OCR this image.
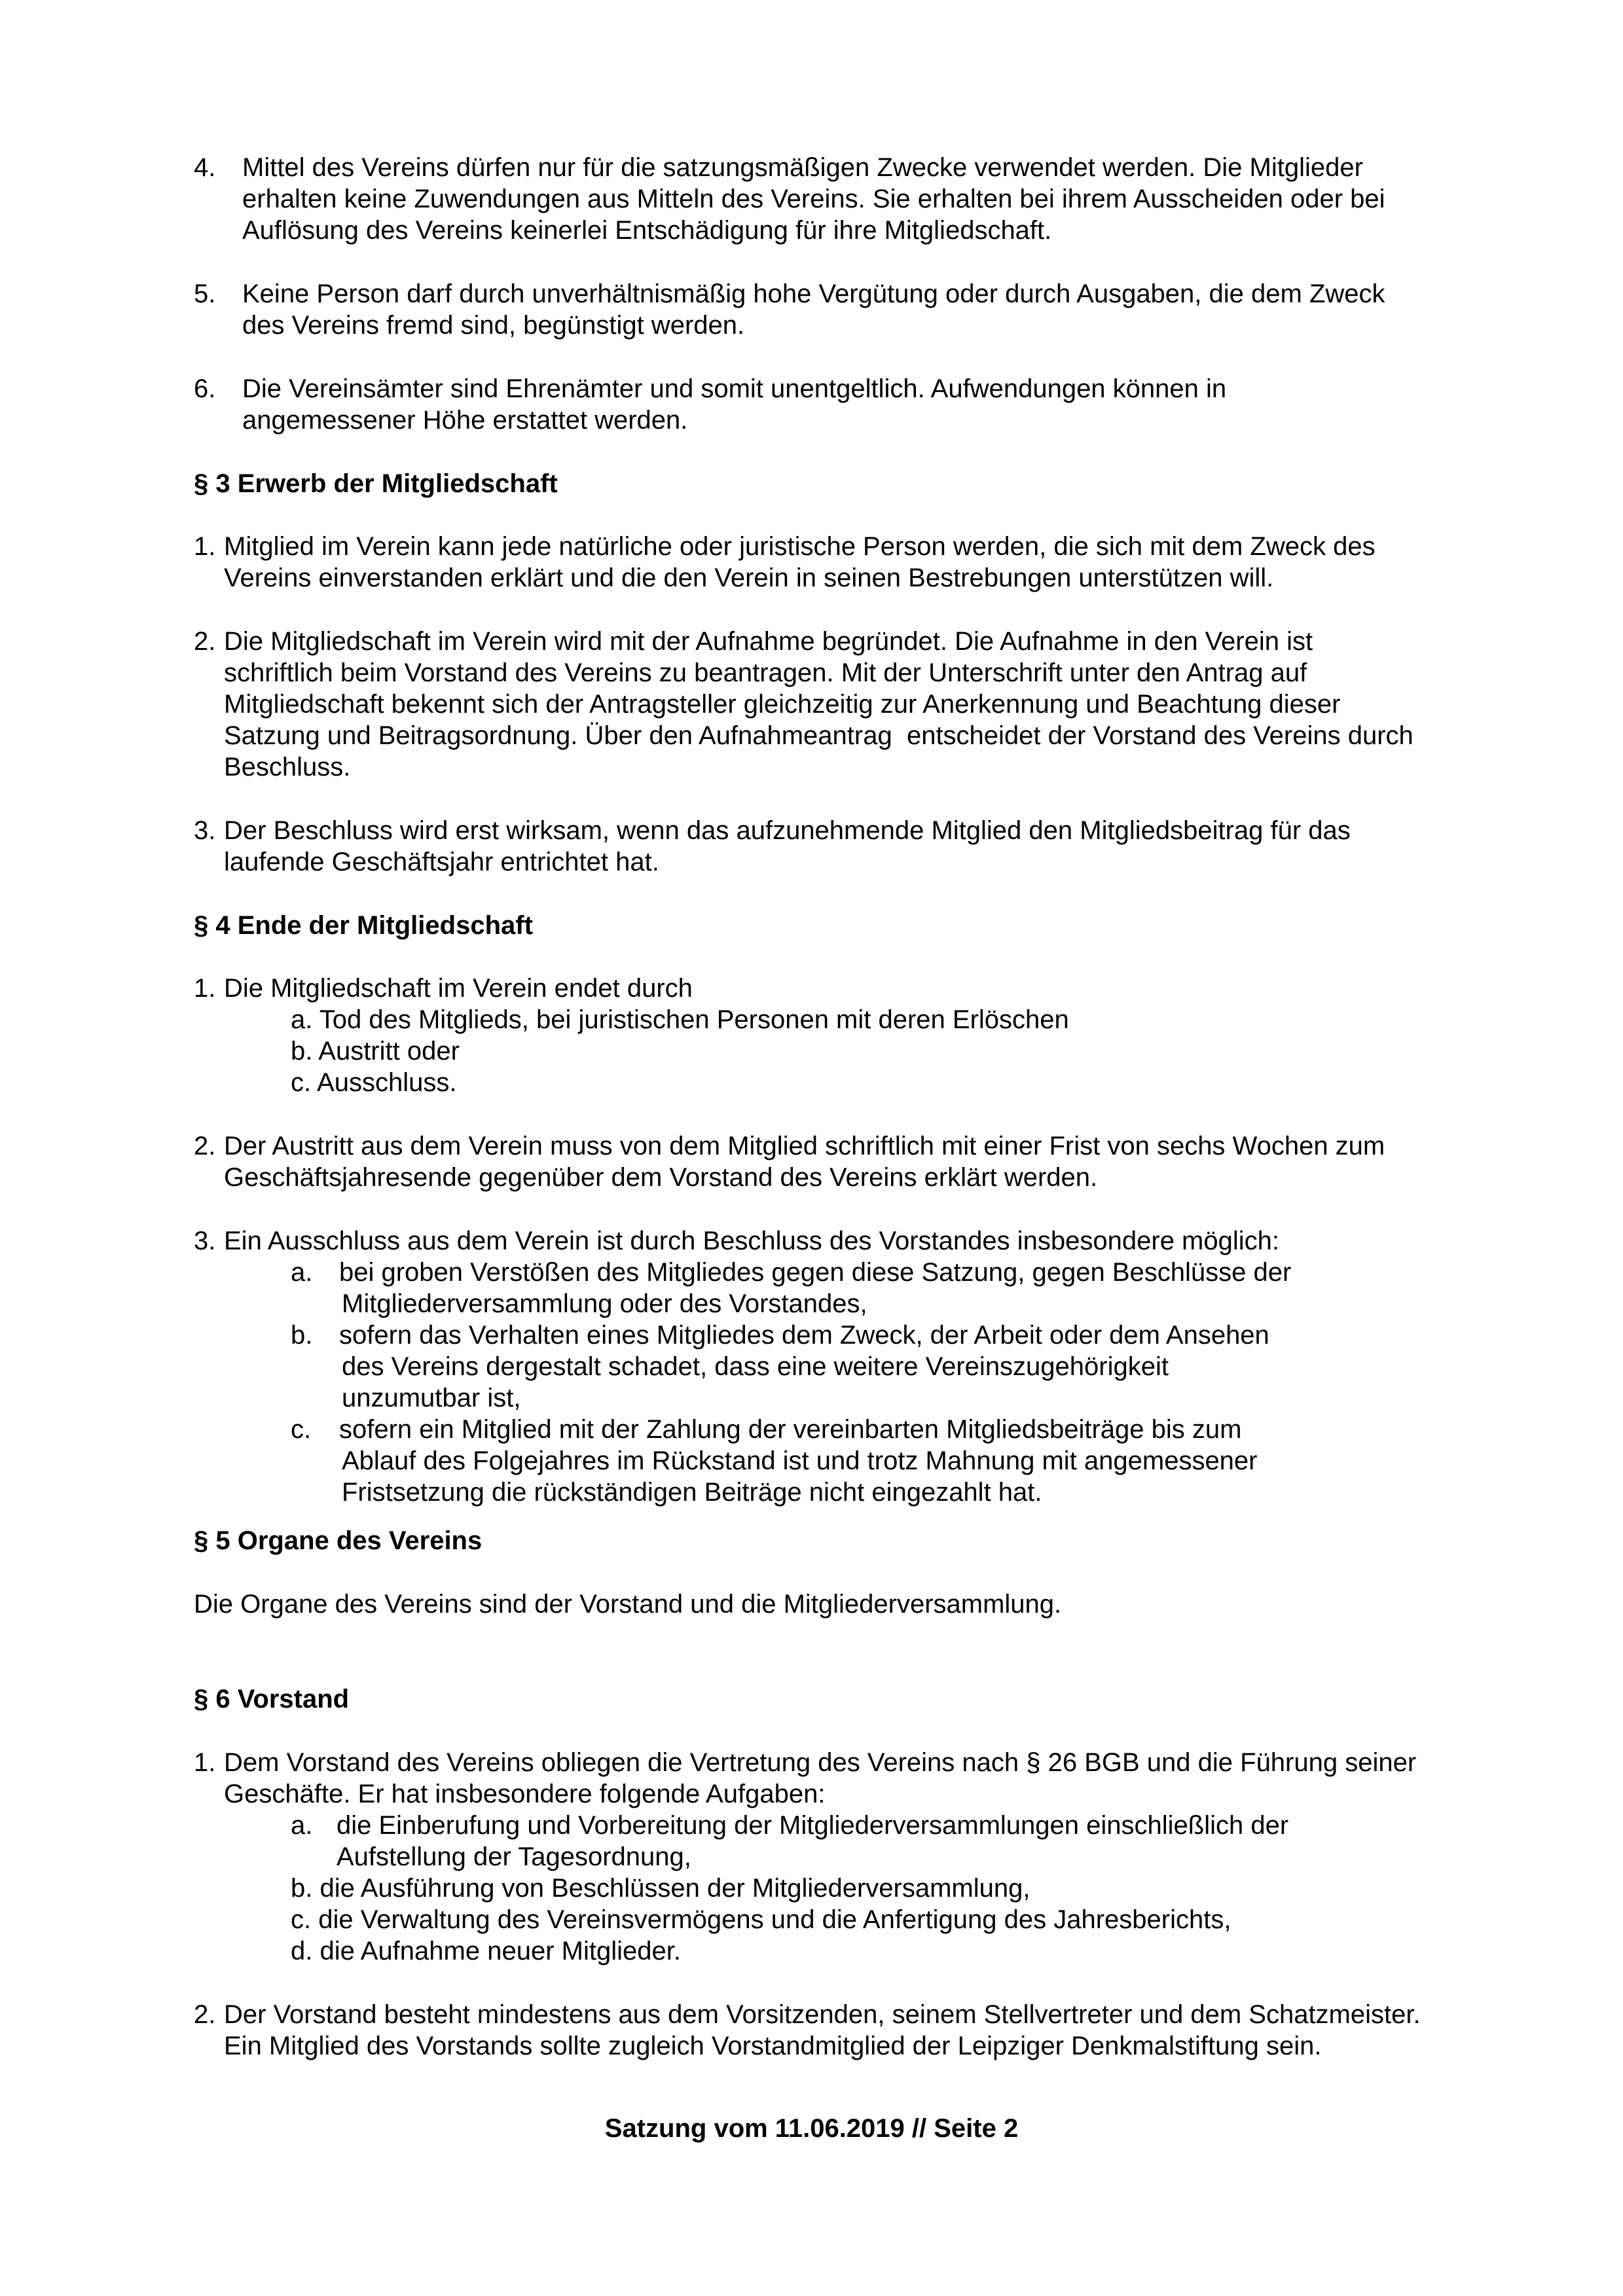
4. Mittel des Vereins dürfen nur für die satzungsmäßigen Zwecke verwendet werden. Die Mitglieder
erhalten keine Zuwendungen aus Mitteln des Vereins. Sie erhalten bei ihrem Ausscheiden oder bei
Auflösung des Vereins keinerlei Entschädigung für ihre Mitgliedschaft.
5. Keine Person darf durch unverhältnismäßig hohe Vergütung oder durch Ausgaben, die dem Zweck
des Vereins fremd sind, begünstigt werden.
6. Die Vereinsämter sind Ehrenämter und somit unentgeltlich. Aufwendungen können in
angemessener Höhe erstattet werden.
§ 3 Erwerb der Mitgliedschaft
1. Mitglied im Verein kann jede natürliche oder juristische Person werden, die sich mit dem Zweck des
Vereins einverstanden erklärt und die den Verein in seinen Bestrebungen unterstützen will.
2. Die Mitgliedschaft im Verein wird mit der Aufnahme begründet. Die Aufnahme in den Verein ist
schriftlich beim Vorstand des Vereins zu beantragen. Mit der Unterschrift unter den Antrag auf
Mitgliedschaft bekennt sich der Antragsteller gleichzeitig zur Anerkennung und Beachtung dieser
Satzung und Beitragsordnung. Über den Aufnahmeantrag  entscheidet der Vorstand des Vereins durch
Beschluss.
3. Der Beschluss wird erst wirksam, wenn das aufzunehmende Mitglied den Mitgliedsbeitrag für das
laufende Geschäftsjahr entrichtet hat.
§ 4 Ende der Mitgliedschaft
1. Die Mitgliedschaft im Verein endet durch
a. Tod des Mitglieds, bei juristischen Personen mit deren Erlöschen
b. Austritt oder
c. Ausschluss.
2. Der Austritt aus dem Verein muss von dem Mitglied schriftlich mit einer Frist von sechs Wochen zum
Geschäftsjahresende gegenüber dem Vorstand des Vereins erklärt werden.
3. Ein Ausschluss aus dem Verein ist durch Beschluss des Vorstandes insbesondere möglich:
a. bei groben Verstößen des Mitgliedes gegen diese Satzung, gegen Beschlüsse der
Mitgliederversammlung oder des Vorstandes,
b. sofern das Verhalten eines Mitgliedes dem Zweck, der Arbeit oder dem Ansehen
des Vereins dergestalt schadet, dass eine weitere Vereinszugehörigkeit
unzumutbar ist,
c. sofern ein Mitglied mit der Zahlung der vereinbarten Mitgliedsbeiträge bis zum
Ablauf des Folgejahres im Rückstand ist und trotz Mahnung mit angemessener
Fristsetzung die rückständigen Beiträge nicht eingezahlt hat.
§ 5 Organe des Vereins
Die Organe des Vereins sind der Vorstand und die Mitgliederversammlung.
§ 6 Vorstand
1. Dem Vorstand des Vereins obliegen die Vertretung des Vereins nach § 26 BGB und die Führung seiner
Geschäfte. Er hat insbesondere folgende Aufgaben:
a. die Einberufung und Vorbereitung der Mitgliederversammlungen einschließlich der
Aufstellung der Tagesordnung,
b. die Ausführung von Beschlüssen der Mitgliederversammlung,
c. die Verwaltung des Vereinsvermögens und die Anfertigung des Jahresberichts,
d. die Aufnahme neuer Mitglieder.
2. Der Vorstand besteht mindestens aus dem Vorsitzenden, seinem Stellvertreter und dem Schatzmeister.
Ein Mitglied des Vorstands sollte zugleich Vorstandmitglied der Leipziger Denkmalstiftung sein.
Satzung vom 11.06.2019 // Seite 2
